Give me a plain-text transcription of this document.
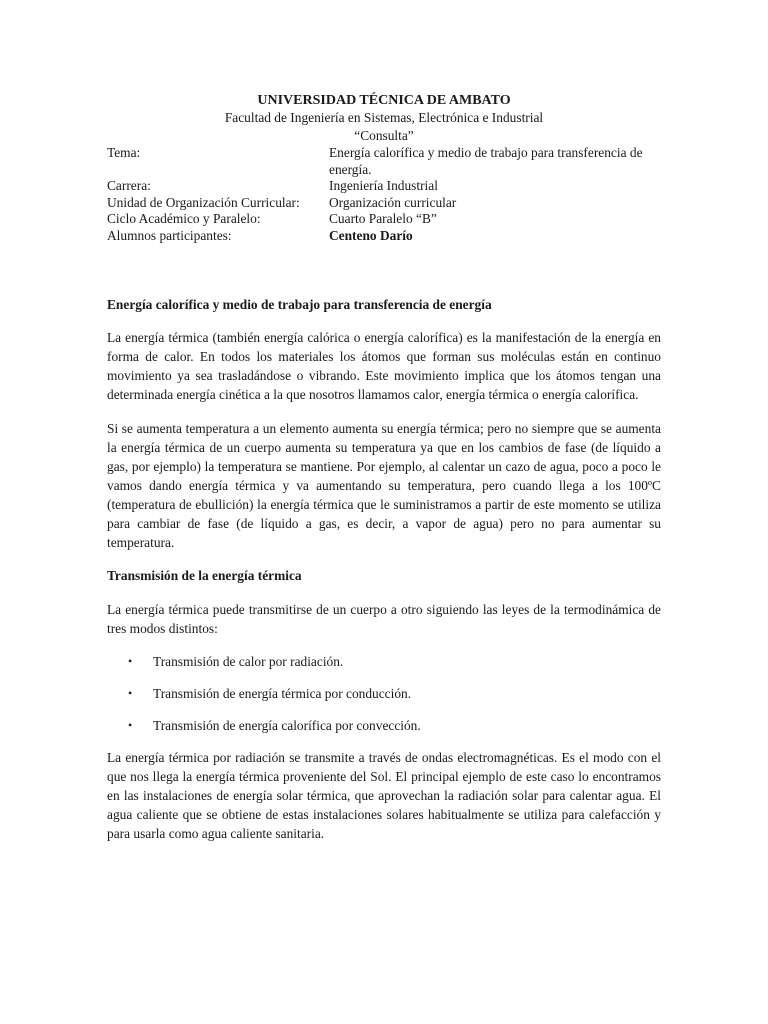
UNIVERSIDAD TÉCNICA DE AMBATO

Facultad de Ingeniería en Sistemas, Electrónica e Industrial

“Consulta”

Tema:	Energía calorífica y medio de trabajo para transferencia de energía.
Carrera:	Ingeniería Industrial
Unidad de Organización Curricular:	Organización curricular
Ciclo Académico y Paralelo:	Cuarto Paralelo “B”
Alumnos participantes:	Centeno Darío

Energía calorífica y medio de trabajo para transferencia de energía

La energía térmica (también energía calórica o energía calorífica) es la manifestación de la energía en forma de calor. En todos los materiales los átomos que forman sus moléculas están en continuo movimiento ya sea trasladándose o vibrando. Este movimiento implica que los átomos tengan una determinada energía cinética a la que nosotros llamamos calor, energía térmica o energía calorífica.

Si se aumenta temperatura a un elemento aumenta su energía térmica; pero no siempre que se aumenta la energía térmica de un cuerpo aumenta su temperatura ya que en los cambios de fase (de líquido a gas, por ejemplo) la temperatura se mantiene. Por ejemplo, al calentar un cazo de agua, poco a poco le vamos dando energía térmica y va aumentando su temperatura, pero cuando llega a los 100ºC (temperatura de ebullición) la energía térmica que le suministramos a partir de este momento se utiliza para cambiar de fase (de líquido a gas, es decir, a vapor de agua) pero no para aumentar su temperatura.

Transmisión de la energía térmica

La energía térmica puede transmitirse de un cuerpo a otro siguiendo las leyes de la termodinámica de tres modos distintos:

• Transmisión de calor por radiación.
• Transmisión de energía térmica por conducción.
• Transmisión de energía calorífica por convección.

La energía térmica por radiación se transmite a través de ondas electromagnéticas. Es el modo con el que nos llega la energía térmica proveniente del Sol. El principal ejemplo de este caso lo encontramos en las instalaciones de energía solar térmica, que aprovechan la radiación solar para calentar agua. El agua caliente que se obtiene de estas instalaciones solares habitualmente se utiliza para calefacción y para usarla como agua caliente sanitaria.
